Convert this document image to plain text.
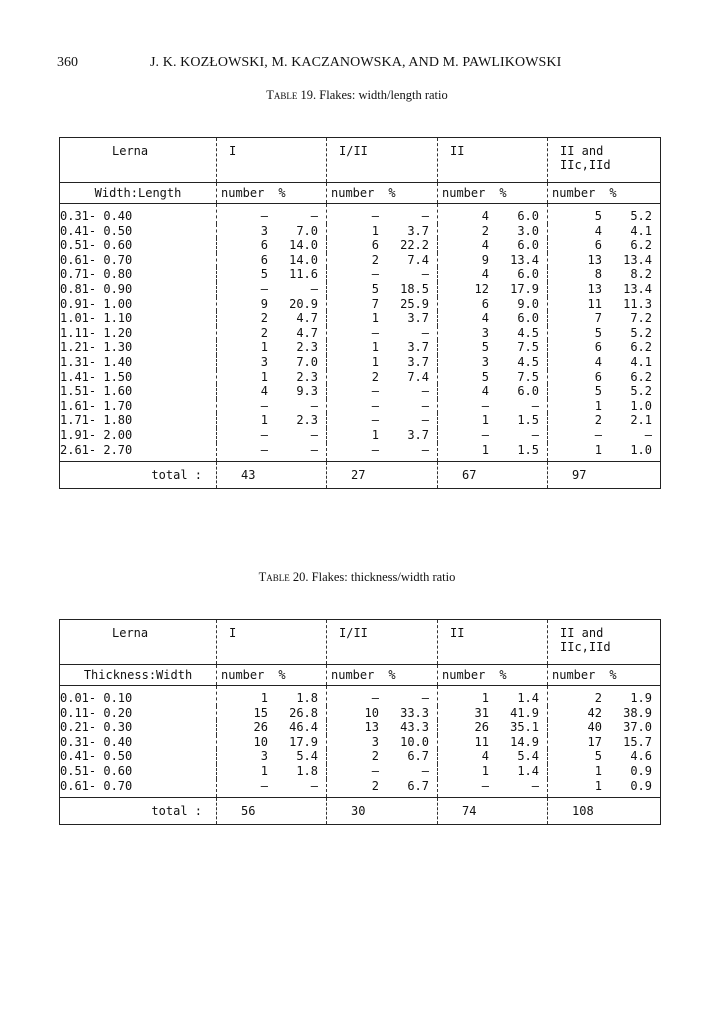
360	J. K. KOZŁOWSKI, M. KACZANOWSKA, AND M. PAWLIKOWSKI
Table 19. Flakes: width/length ratio
Lerna	I	I/II	II	II and IIc,IId
Width:Length	number %	number %	number %	number %
0.31- 0.40	– –	– –	4 6.0	5 5.2

0.41- 0.50	3 7.0	1 3.7	2 3.0	4 4.1

0.51- 0.60	6 14.0	6 22.2	4 6.0	6 6.2

0.61- 0.70	6 14.0	2 7.4	9 13.4	13 13.4

0.71- 0.80	5 11.6	– –	4 6.0	8 8.2

0.81- 0.90	– –	5 18.5	12 17.9	13 13.4

0.91- 1.00	9 20.9	7 25.9	6 9.0	11 11.3

1.01- 1.10	2 4.7	1 3.7	4 6.0	7 7.2

1.11- 1.20	2 4.7	– –	3 4.5	5 5.2

1.21- 1.30	1 2.3	1 3.7	5 7.5	6 6.2

1.31- 1.40	3 7.0	1 3.7	3 4.5	4 4.1

1.41- 1.50	1 2.3	2 7.4	5 7.5	6 6.2

1.51- 1.60	4 9.3	– –	4 6.0	5 5.2

1.61- 1.70	– –	– –	– –	1 1.0

1.71- 1.80	1 2.3	– –	1 1.5	2 2.1

1.91- 2.00	– –	1 3.7	– –	– –

2.61- 2.70	– –	– –	1 1.5	1 1.0

total :	43	27	67	97
Table 20. Flakes: thickness/width ratio
Lerna	I	I/II	II	II and IIc,IId
Thickness:Width	number %	number %	number %	number %
0.01- 0.10	1 1.8	– –	1 1.4	2 1.9

0.11- 0.20	15 26.8	10 33.3	31 41.9	42 38.9

0.21- 0.30	26 46.4	13 43.3	26 35.1	40 37.0

0.31- 0.40	10 17.9	3 10.0	11 14.9	17 15.7

0.41- 0.50	3 5.4	2 6.7	4 5.4	5 4.6

0.51- 0.60	1 1.8	– –	1 1.4	1 0.9

0.61- 0.70	– –	2 6.7	– –	1 0.9

total :	56	30	74	108
